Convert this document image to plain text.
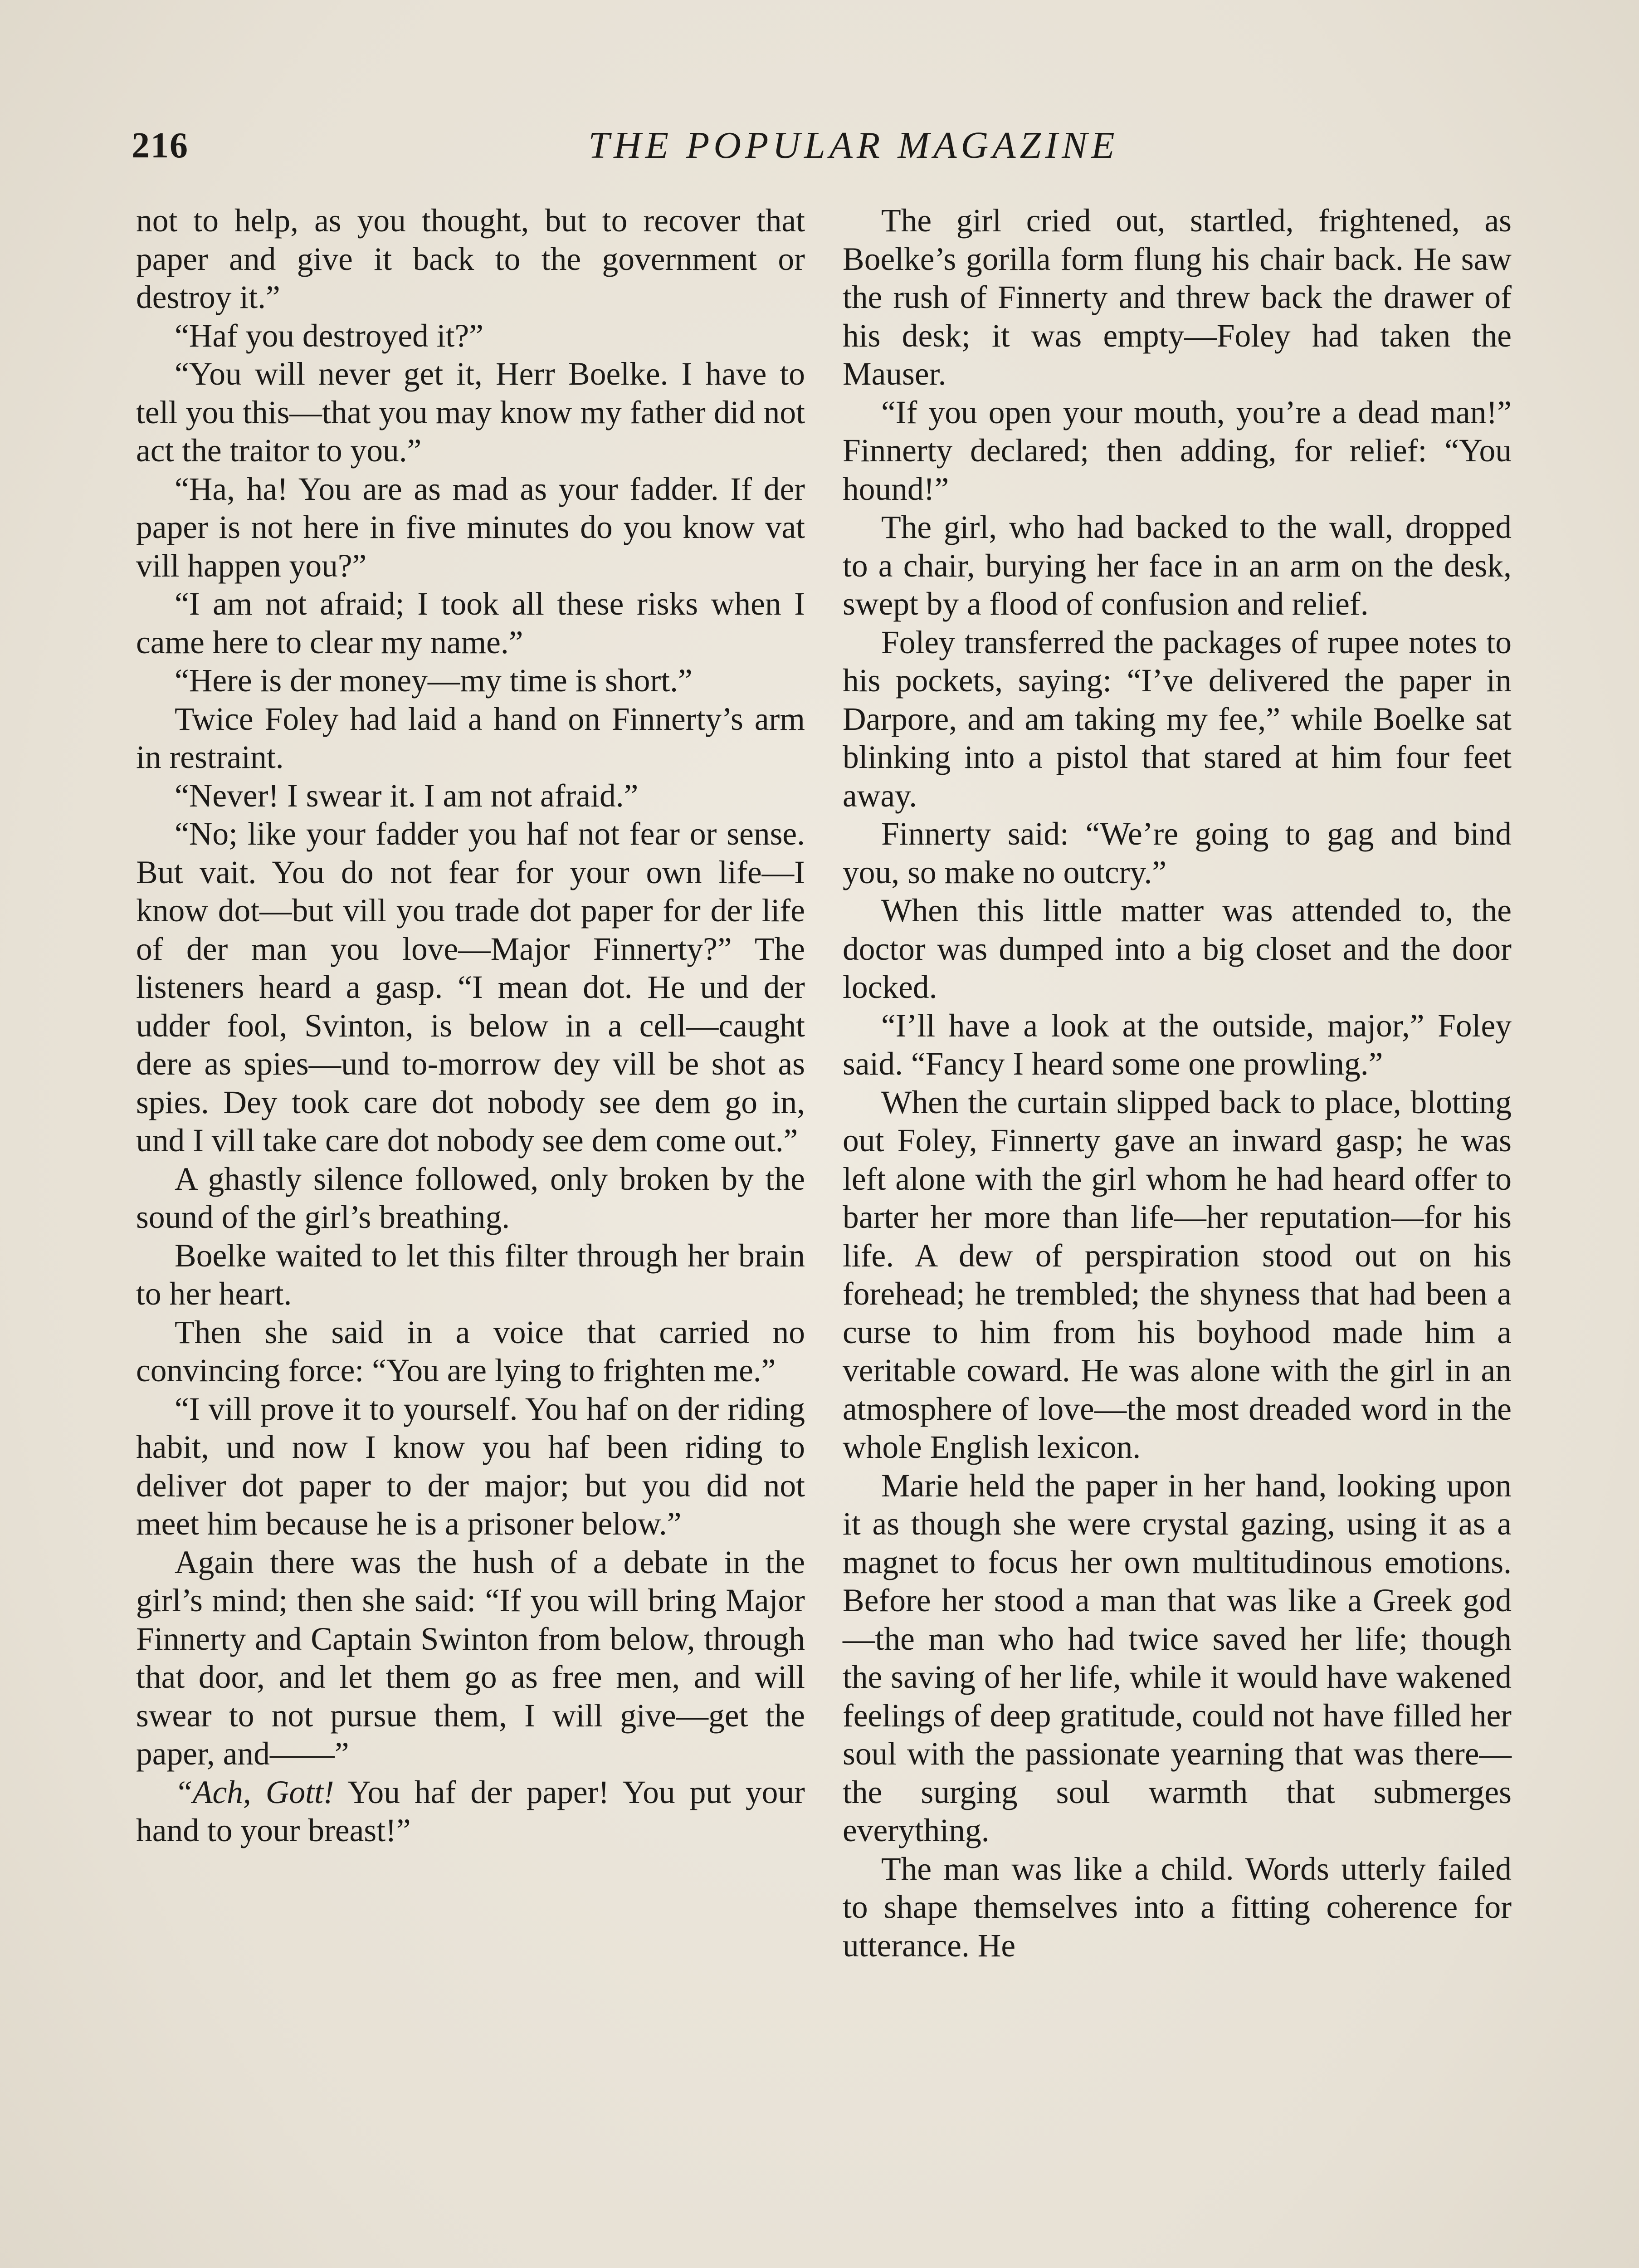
216	THE POPULAR MAGAZINE

not to help, as you thought, but to recover that paper and give it back to the government or destroy it.”

“Haf you destroyed it?”

“You will never get it, Herr Boelke. I have to tell you this—that you may know my father did not act the traitor to you.”

“Ha, ha! You are as mad as your fadder. If der paper is not here in five minutes do you know vat vill happen you?”

“I am not afraid; I took all these risks when I came here to clear my name.”

“Here is der money—my time is short.”

Twice Foley had laid a hand on Finnerty’s arm in restraint.

“Never! I swear it. I am not afraid.”

“No; like your fadder you haf not fear or sense. But vait. You do not fear for your own life—I know dot—but vill you trade dot paper for der life of der man you love—Major Finnerty?” The listeners heard a gasp. “I mean dot. He und der udder fool, Svinton, is below in a cell—caught dere as spies—und to-morrow dey vill be shot as spies. Dey took care dot nobody see dem go in, und I vill take care dot nobody see dem come out.”

A ghastly silence followed, only broken by the sound of the girl’s breathing.

Boelke waited to let this filter through her brain to her heart.

Then she said in a voice that carried no convincing force: “You are lying to frighten me.”

“I vill prove it to yourself. You haf on der riding habit, und now I know you haf been riding to deliver dot paper to der major; but you did not meet him because he is a prisoner below.”

Again there was the hush of a debate in the girl’s mind; then she said: “If you will bring Major Finnerty and Captain Swinton from below, through that door, and let them go as free men, and will swear to not pursue them, I will give—get the paper, and——”

“Ach, Gott! You haf der paper! You put your hand to your breast!”

The girl cried out, startled, frightened, as Boelke’s gorilla form flung his chair back. He saw the rush of Finnerty and threw back the drawer of his desk; it was empty—Foley had taken the Mauser.

“If you open your mouth, you’re a dead man!” Finnerty declared; then adding, for relief: “You hound!”

The girl, who had backed to the wall, dropped to a chair, burying her face in an arm on the desk, swept by a flood of confusion and relief.

Foley transferred the packages of rupee notes to his pockets, saying: “I’ve delivered the paper in Darpore, and am taking my fee,” while Boelke sat blinking into a pistol that stared at him four feet away.

Finnerty said: “We’re going to gag and bind you, so make no outcry.”

When this little matter was attended to, the doctor was dumped into a big closet and the door locked.

“I’ll have a look at the outside, major,” Foley said. “Fancy I heard some one prowling.”

When the curtain slipped back to place, blotting out Foley, Finnerty gave an inward gasp; he was left alone with the girl whom he had heard offer to barter her more than life—her reputation—for his life. A dew of perspiration stood out on his forehead; he trembled; the shyness that had been a curse to him from his boyhood made him a veritable coward. He was alone with the girl in an atmosphere of love—the most dreaded word in the whole English lexicon.

Marie held the paper in her hand, looking upon it as though she were crystal gazing, using it as a magnet to focus her own multitudinous emotions. Before her stood a man that was like a Greek god—the man who had twice saved her life; though the saving of her life, while it would have wakened feelings of deep gratitude, could not have filled her soul with the passionate yearning that was there—the surging soul warmth that submerges everything.

The man was like a child. Words utterly failed to shape themselves into a fitting coherence for utterance. He
